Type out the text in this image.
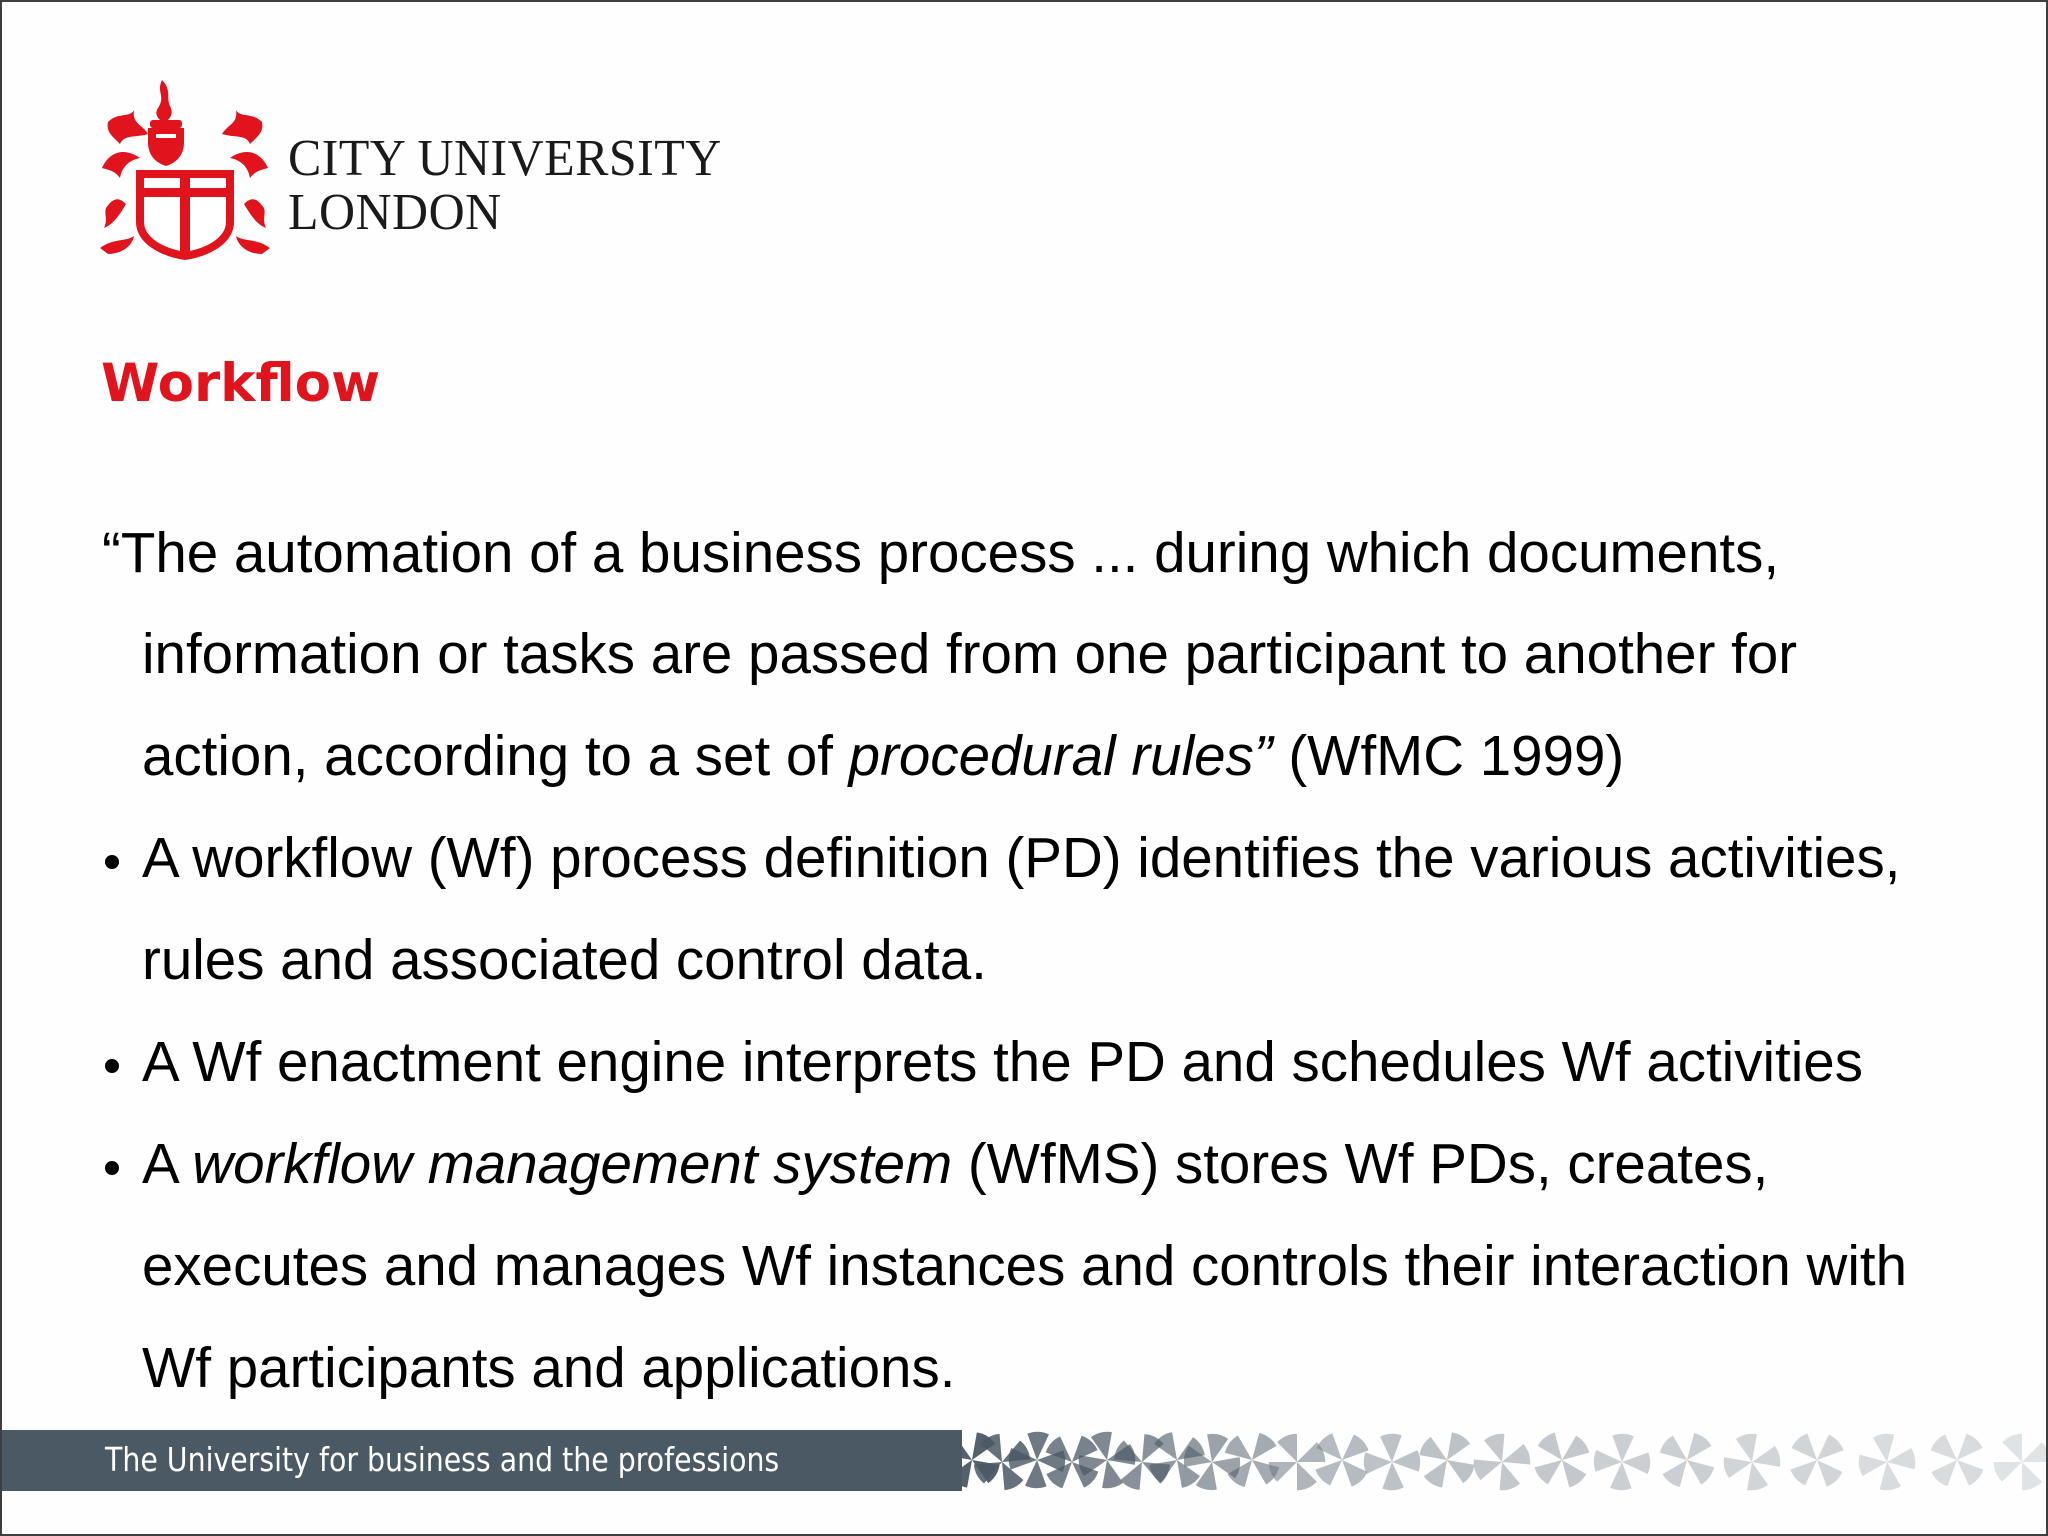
CITY UNIVERSITY
LONDON
Workflow
“The automation of a business process ... during which documents,
information or tasks are passed from one participant to another for
action, according to a set of procedural rules” (WfMC 1999)
A workflow (Wf) process definition (PD) identifies the various activities,
rules and associated control data.
A Wf enactment engine interprets the PD and schedules Wf activities
A workflow management system (WfMS) stores Wf PDs, creates,
executes and manages Wf instances and controls their interaction with
Wf participants and applications.
The University for business and the professions
